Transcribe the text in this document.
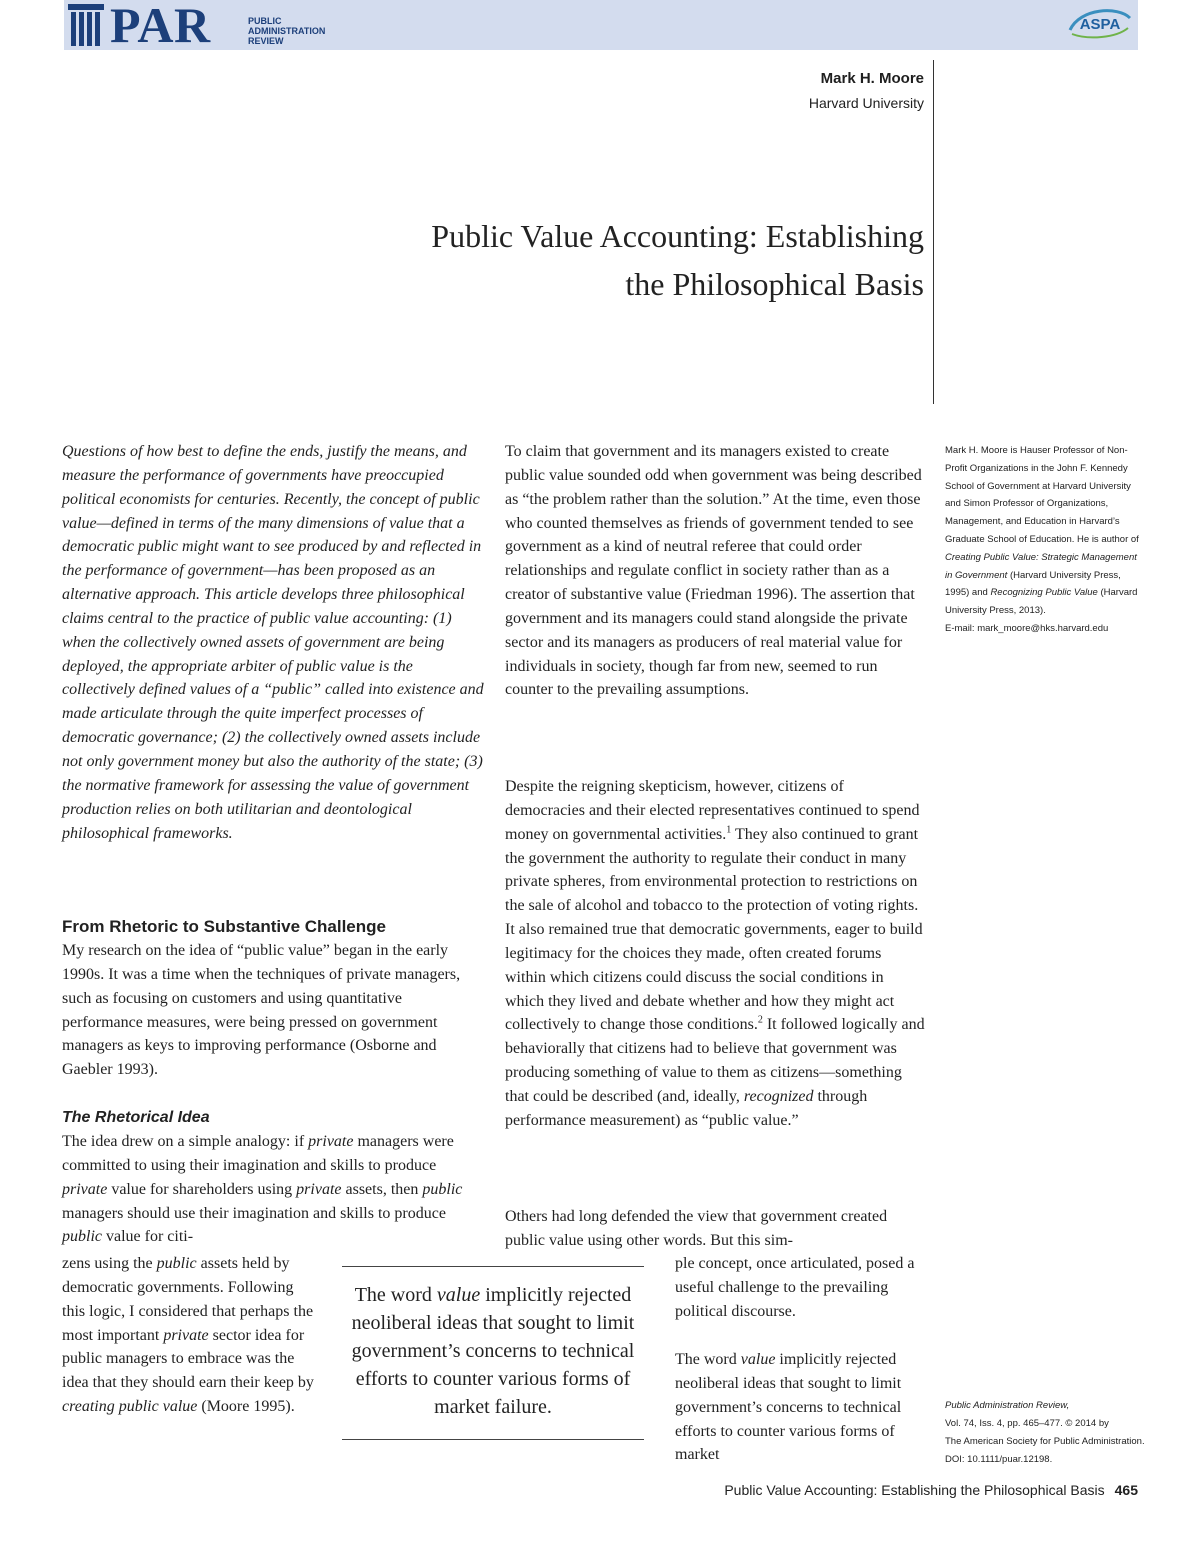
PAR	PUBLIC
ADMINISTRATION
REVIEW
ASPA
Mark H. Moore
Harvard University
Public Value Accounting: Establishing
the Philosophical Basis
Questions of how best to define the ends, justify the means, and measure the performance of governments have preoccupied political economists for centuries. Recently, the concept of public value—defined in terms of the many dimensions of value that a democratic public might want to see produced by and reflected in the performance of government—has been proposed as an alternative approach. This article develops three philosophical claims central to the practice of public value accounting: (1) when the collectively owned assets of government are being deployed, the appropriate arbiter of public value is the collectively defined values of a “public” called into existence and made articulate through the quite imperfect processes of democratic governance; (2) the collectively owned assets include not only government money but also the authority of the state; (3) the normative framework for assessing the value of government production relies on both utilitarian and deontological philosophical frameworks.
From Rhetoric to Substantive Challenge

My research on the idea of “public value” began in the early 1990s. It was a time when the techniques of private managers, such as focusing on customers and using quantitative performance measures, were being pressed on government managers as keys to improving performance (Osborne and Gaebler 1993).

The Rhetorical Idea

The idea drew on a simple analogy: if private managers were committed to using their imagination and skills to produce private value for shareholders using private assets, then public managers should use their imagination and skills to produce public value for citi-

zens using the public assets held by democratic governments. Following this logic, I considered that perhaps the most important private sector idea for public managers to embrace was the idea that they should earn their keep by creating public value (Moore 1995).

To claim that government and its managers existed to create public value sounded odd when government was being described as “the problem rather than the solution.” At the time, even those who counted themselves as friends of government tended to see government as a kind of neutral referee that could order relationships and regulate conflict in society rather than as a creator of substantive value (Friedman 1996). The assertion that government and its managers could stand alongside the private sector and its managers as producers of real material value for individuals in society, though far from new, seemed to run counter to the prevailing assumptions.
Despite the reigning skepticism, however, citizens of democracies and their elected representatives continued to spend money on governmental activities.$^1$ They also continued to grant the government the authority to regulate their conduct in many private spheres, from environmental protection to restrictions on the sale of alcohol and tobacco to the protection of voting rights. It also remained true that democratic governments, eager to build legitimacy for the choices they made, often created forums within which citizens could discuss the social conditions in which they lived and debate whether and how they might act collectively to change those conditions.$^2$ It followed logically and behaviorally that citizens had to believe that government was producing something of value to them as citizens—something that could be described (and, ideally, recognized through performance measurement) as “public value.”
Others had long defended the view that government created public value using other words. But this sim-
ple concept, once articulated, posed a useful challenge to the prevailing political discourse.
The word value implicitly rejected neoliberal ideas that sought to limit government’s concerns to technical efforts to counter various forms of market
The word value implicitly rejected neoliberal ideas that sought to limit government’s concerns to technical efforts to counter various forms of market failure.
Mark H. Moore is Hauser Professor of Non-Profit Organizations in the John F. Kennedy School of Government at Harvard University and Simon Professor of Organizations, Management, and Education in Harvard’s Graduate School of Education. He is author of Creating Public Value: Strategic Management in Government (Harvard University Press, 1995) and Recognizing Public Value (Harvard University Press, 2013).
E-mail: mark_moore@hks.harvard.edu
Public Administration Review,
Vol. 74, Iss. 4, pp. 465–477. © 2014 by
The American Society for Public Administration.
DOI: 10.1111/puar.12198.
Public Value Accounting: Establishing the Philosophical Basis 465
